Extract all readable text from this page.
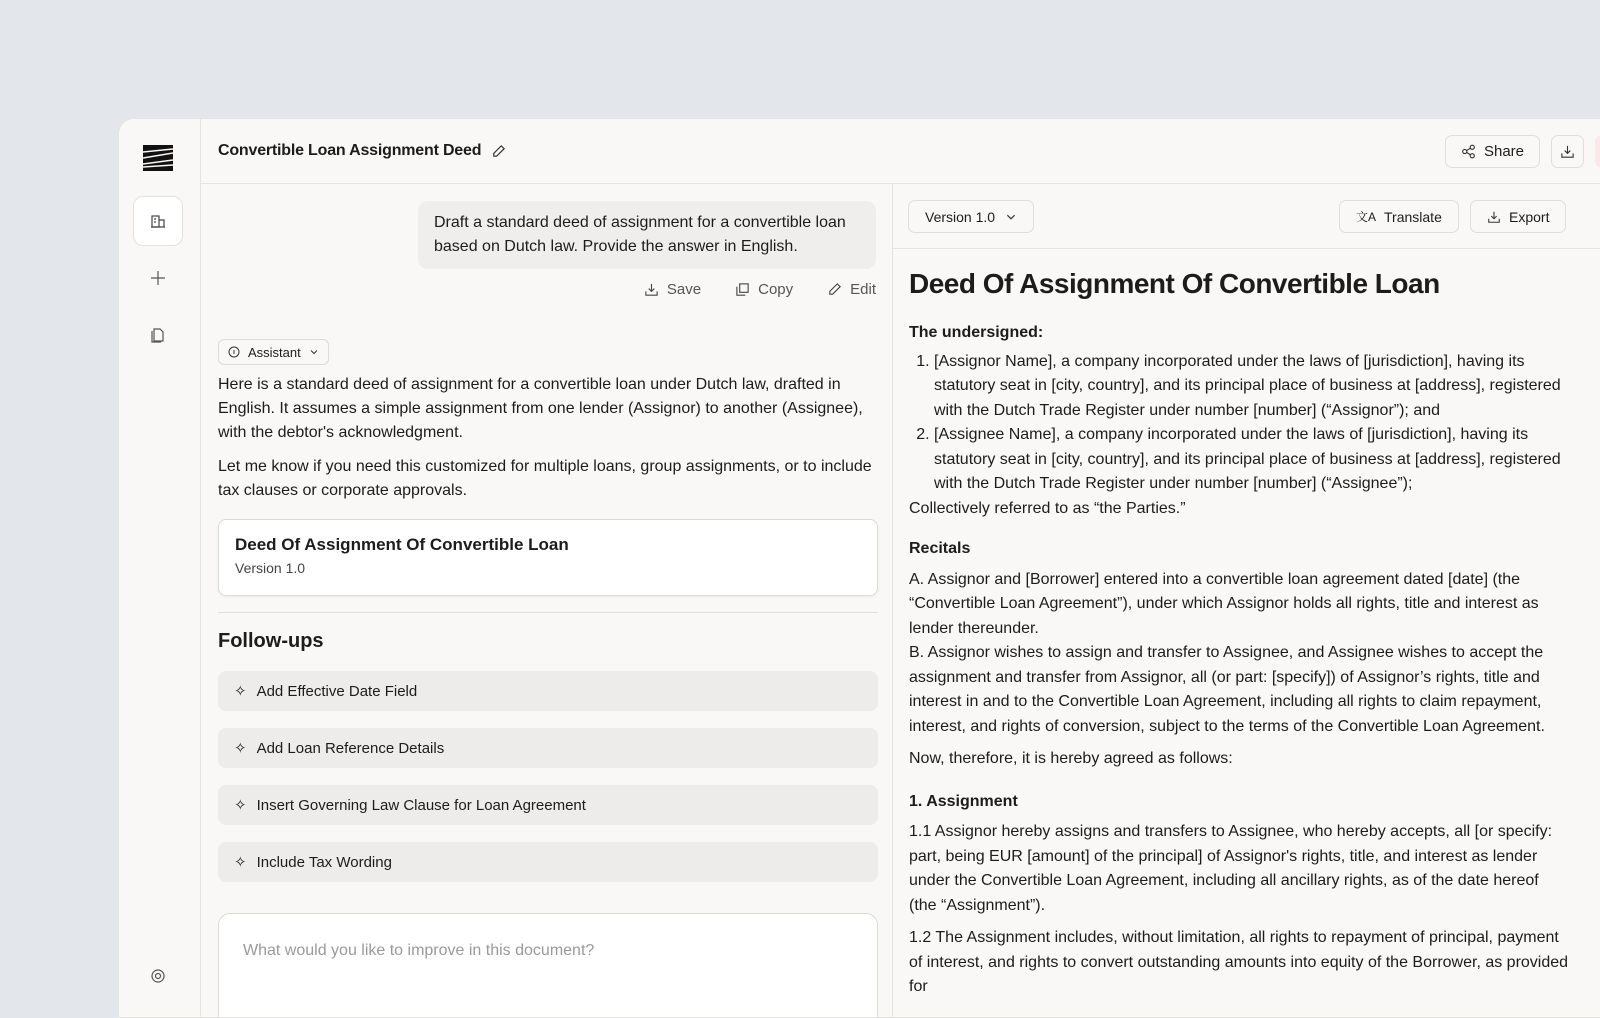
Convertible Loan Assignment Deed	Share
Draft a standard deed of assignment for a convertible loan based on Dutch law. Provide the answer in English.
Save	Copy	Edit
Assistant
Here is a standard deed of assignment for a convertible loan under Dutch law, drafted in English. It assumes a simple assignment from one lender (Assignor) to another (Assignee), with the debtor's acknowledgment.
Let me know if you need this customized for multiple loans, group assignments, or to include tax clauses or corporate approvals.
Deed Of Assignment Of Convertible Loan
Version 1.0
Follow-ups
✧ Add Effective Date Field
✧ Add Loan Reference Details
✧ Insert Governing Law Clause for Loan Agreement
✧ Include Tax Wording
What would you like to improve in this document?
Version 1.0	文A Translate	Export
Deed Of Assignment Of Convertible Loan
The undersigned:
1. [Assignor Name], a company incorporated under the laws of [jurisdiction], having its statutory seat in [city, country], and its principal place of business at [address], registered with the Dutch Trade Register under number [number] (“Assignor”); and
2. [Assignee Name], a company incorporated under the laws of [jurisdiction], having its statutory seat in [city, country], and its principal place of business at [address], registered with the Dutch Trade Register under number [number] (“Assignee”);
Collectively referred to as “the Parties.”
Recitals
A. Assignor and [Borrower] entered into a convertible loan agreement dated [date] (the “Convertible Loan Agreement”), under which Assignor holds all rights, title and interest as lender thereunder.

B. Assignor wishes to assign and transfer to Assignee, and Assignee wishes to accept the assignment and transfer from Assignor, all (or part: [specify]) of Assignor’s rights, title and interest in and to the Convertible Loan Agreement, including all rights to claim repayment, interest, and rights of conversion, subject to the terms of the Convertible Loan Agreement.

Now, therefore, it is hereby agreed as follows:

1. Assignment

1.1 Assignor hereby assigns and transfers to Assignee, who hereby accepts, all [or specify: part, being EUR [amount] of the principal] of Assignor's rights, title, and interest as lender under the Convertible Loan Agreement, including all ancillary rights, as of the date hereof (the “Assignment”).

1.2 The Assignment includes, without limitation, all rights to repayment of principal, payment of interest, and rights to convert outstanding amounts into equity of the Borrower, as provided for
